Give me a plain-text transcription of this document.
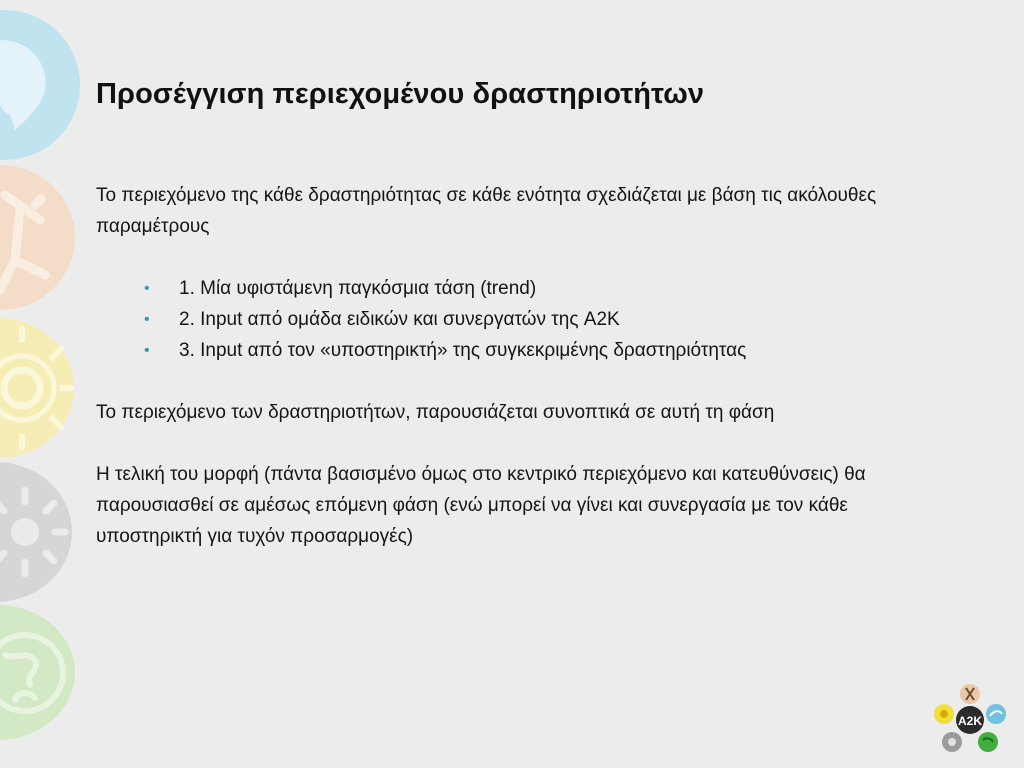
Προσέγγιση περιεχομένου δραστηριοτήτων

Το περιεχόμενο της κάθε δραστηριότητας σε κάθε ενότητα σχεδιάζεται με βάση τις ακόλουθες παραμέτρους

• 1. Μία υφιστάμενη παγκόσμια τάση (trend)
• 2. Input από ομάδα ειδικών και συνεργατών της A2K
• 3. Input από τον «υποστηρικτή» της συγκεκριμένης δραστηριότητας

Το περιεχόμενο των δραστηριοτήτων, παρουσιάζεται συνοπτικά σε αυτή τη φάση

Η τελική του μορφή (πάντα βασισμένο όμως στο κεντρικό περιεχόμενο και κατευθύνσεις) θα παρουσιασθεί σε αμέσως επόμενη φάση (ενώ μπορεί να γίνει και συνεργασία με τον κάθε υποστηρικτή για τυχόν προσαρμογές)

A2K
